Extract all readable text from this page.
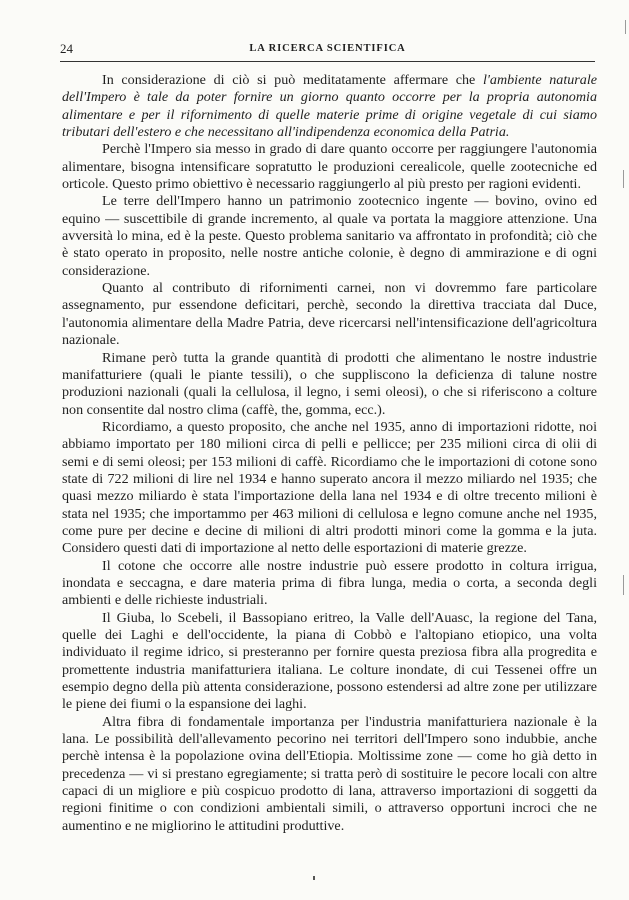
24	LA RICERCA SCIENTIFICA

In considerazione di ciò si può meditatamente affermare che l'ambiente naturale dell'Impero è tale da poter fornire un giorno quanto occorre per la propria autonomia alimentare e per il rifornimento di quelle materie prime di origine vegetale di cui siamo tributari dell'estero e che necessitano all'indipendenza economica della Patria.

Perchè l'Impero sia messo in grado di dare quanto occorre per raggiungere l'autonomia alimentare, bisogna intensificare sopratutto le produzioni cerealicole, quelle zootecniche ed orticole. Questo primo obiettivo è necessario raggiungerlo al più presto per ragioni evidenti.

Le terre dell'Impero hanno un patrimonio zootecnico ingente — bovino, ovino ed equino — suscettibile di grande incremento, al quale va portata la maggiore attenzione. Una avversità lo mina, ed è la peste. Questo problema sanitario va affrontato in profondità; ciò che è stato operato in proposito, nelle nostre antiche colonie, è degno di ammirazione e di ogni considerazione.

Quanto al contributo di rifornimenti carnei, non vi dovremmo fare particolare assegnamento, pur essendone deficitari, perchè, secondo la direttiva tracciata dal Duce, l'autonomia alimentare della Madre Patria, deve ricercarsi nell'intensificazione dell'agricoltura nazionale.

Rimane però tutta la grande quantità di prodotti che alimentano le nostre industrie manifatturiere (quali le piante tessili), o che suppliscono la deficienza di talune nostre produzioni nazionali (quali la cellulosa, il legno, i semi oleosi), o che si riferiscono a colture non consentite dal nostro clima (caffè, the, gomma, ecc.).

Ricordiamo, a questo proposito, che anche nel 1935, anno di importazioni ridotte, noi abbiamo importato per 180 milioni circa di pelli e pellicce; per 235 milioni circa di olii di semi e di semi oleosi; per 153 milioni di caffè. Ricordiamo che le importazioni di cotone sono state di 722 milioni di lire nel 1934 e hanno superato ancora il mezzo miliardo nel 1935; che quasi mezzo miliardo è stata l'importazione della lana nel 1934 e di oltre trecento milioni è stata nel 1935; che importammo per 463 milioni di cellulosa e legno comune anche nel 1935, come pure per decine e decine di milioni di altri prodotti minori come la gomma e la juta. Considero questi dati di importazione al netto delle esportazioni di materie grezze.

Il cotone che occorre alle nostre industrie può essere prodotto in coltura irrigua, inondata e seccagna, e dare materia prima di fibra lunga, media o corta, a seconda degli ambienti e delle richieste industriali.

Il Giuba, lo Scebeli, il Bassopiano eritreo, la Valle dell'Auasc, la regione del Tana, quelle dei Laghi e dell'occidente, la piana di Cobbò e l'altopiano etiopico, una volta individuato il regime idrico, si presteranno per fornire questa preziosa fibra alla progredita e promettente industria manifatturiera italiana. Le colture inondate, di cui Tessenei offre un esempio degno della più attenta considerazione, possono estendersi ad altre zone per utilizzare le piene dei fiumi o la espansione dei laghi.

Altra fibra di fondamentale importanza per l'industria manifatturiera nazionale è la lana. Le possibilità dell'allevamento pecorino nei territori dell'Impero sono indubbie, anche perchè intensa è la popolazione ovina dell'Etiopia. Moltissime zone — come ho già detto in precedenza — vi si prestano egregiamente; si tratta però di sostituire le pecore locali con altre capaci di un migliore e più cospicuo prodotto di lana, attraverso importazioni di soggetti da regioni finitime o con condizioni ambientali simili, o attraverso opportuni incroci che ne aumentino e ne migliorino le attitudini produttive.
